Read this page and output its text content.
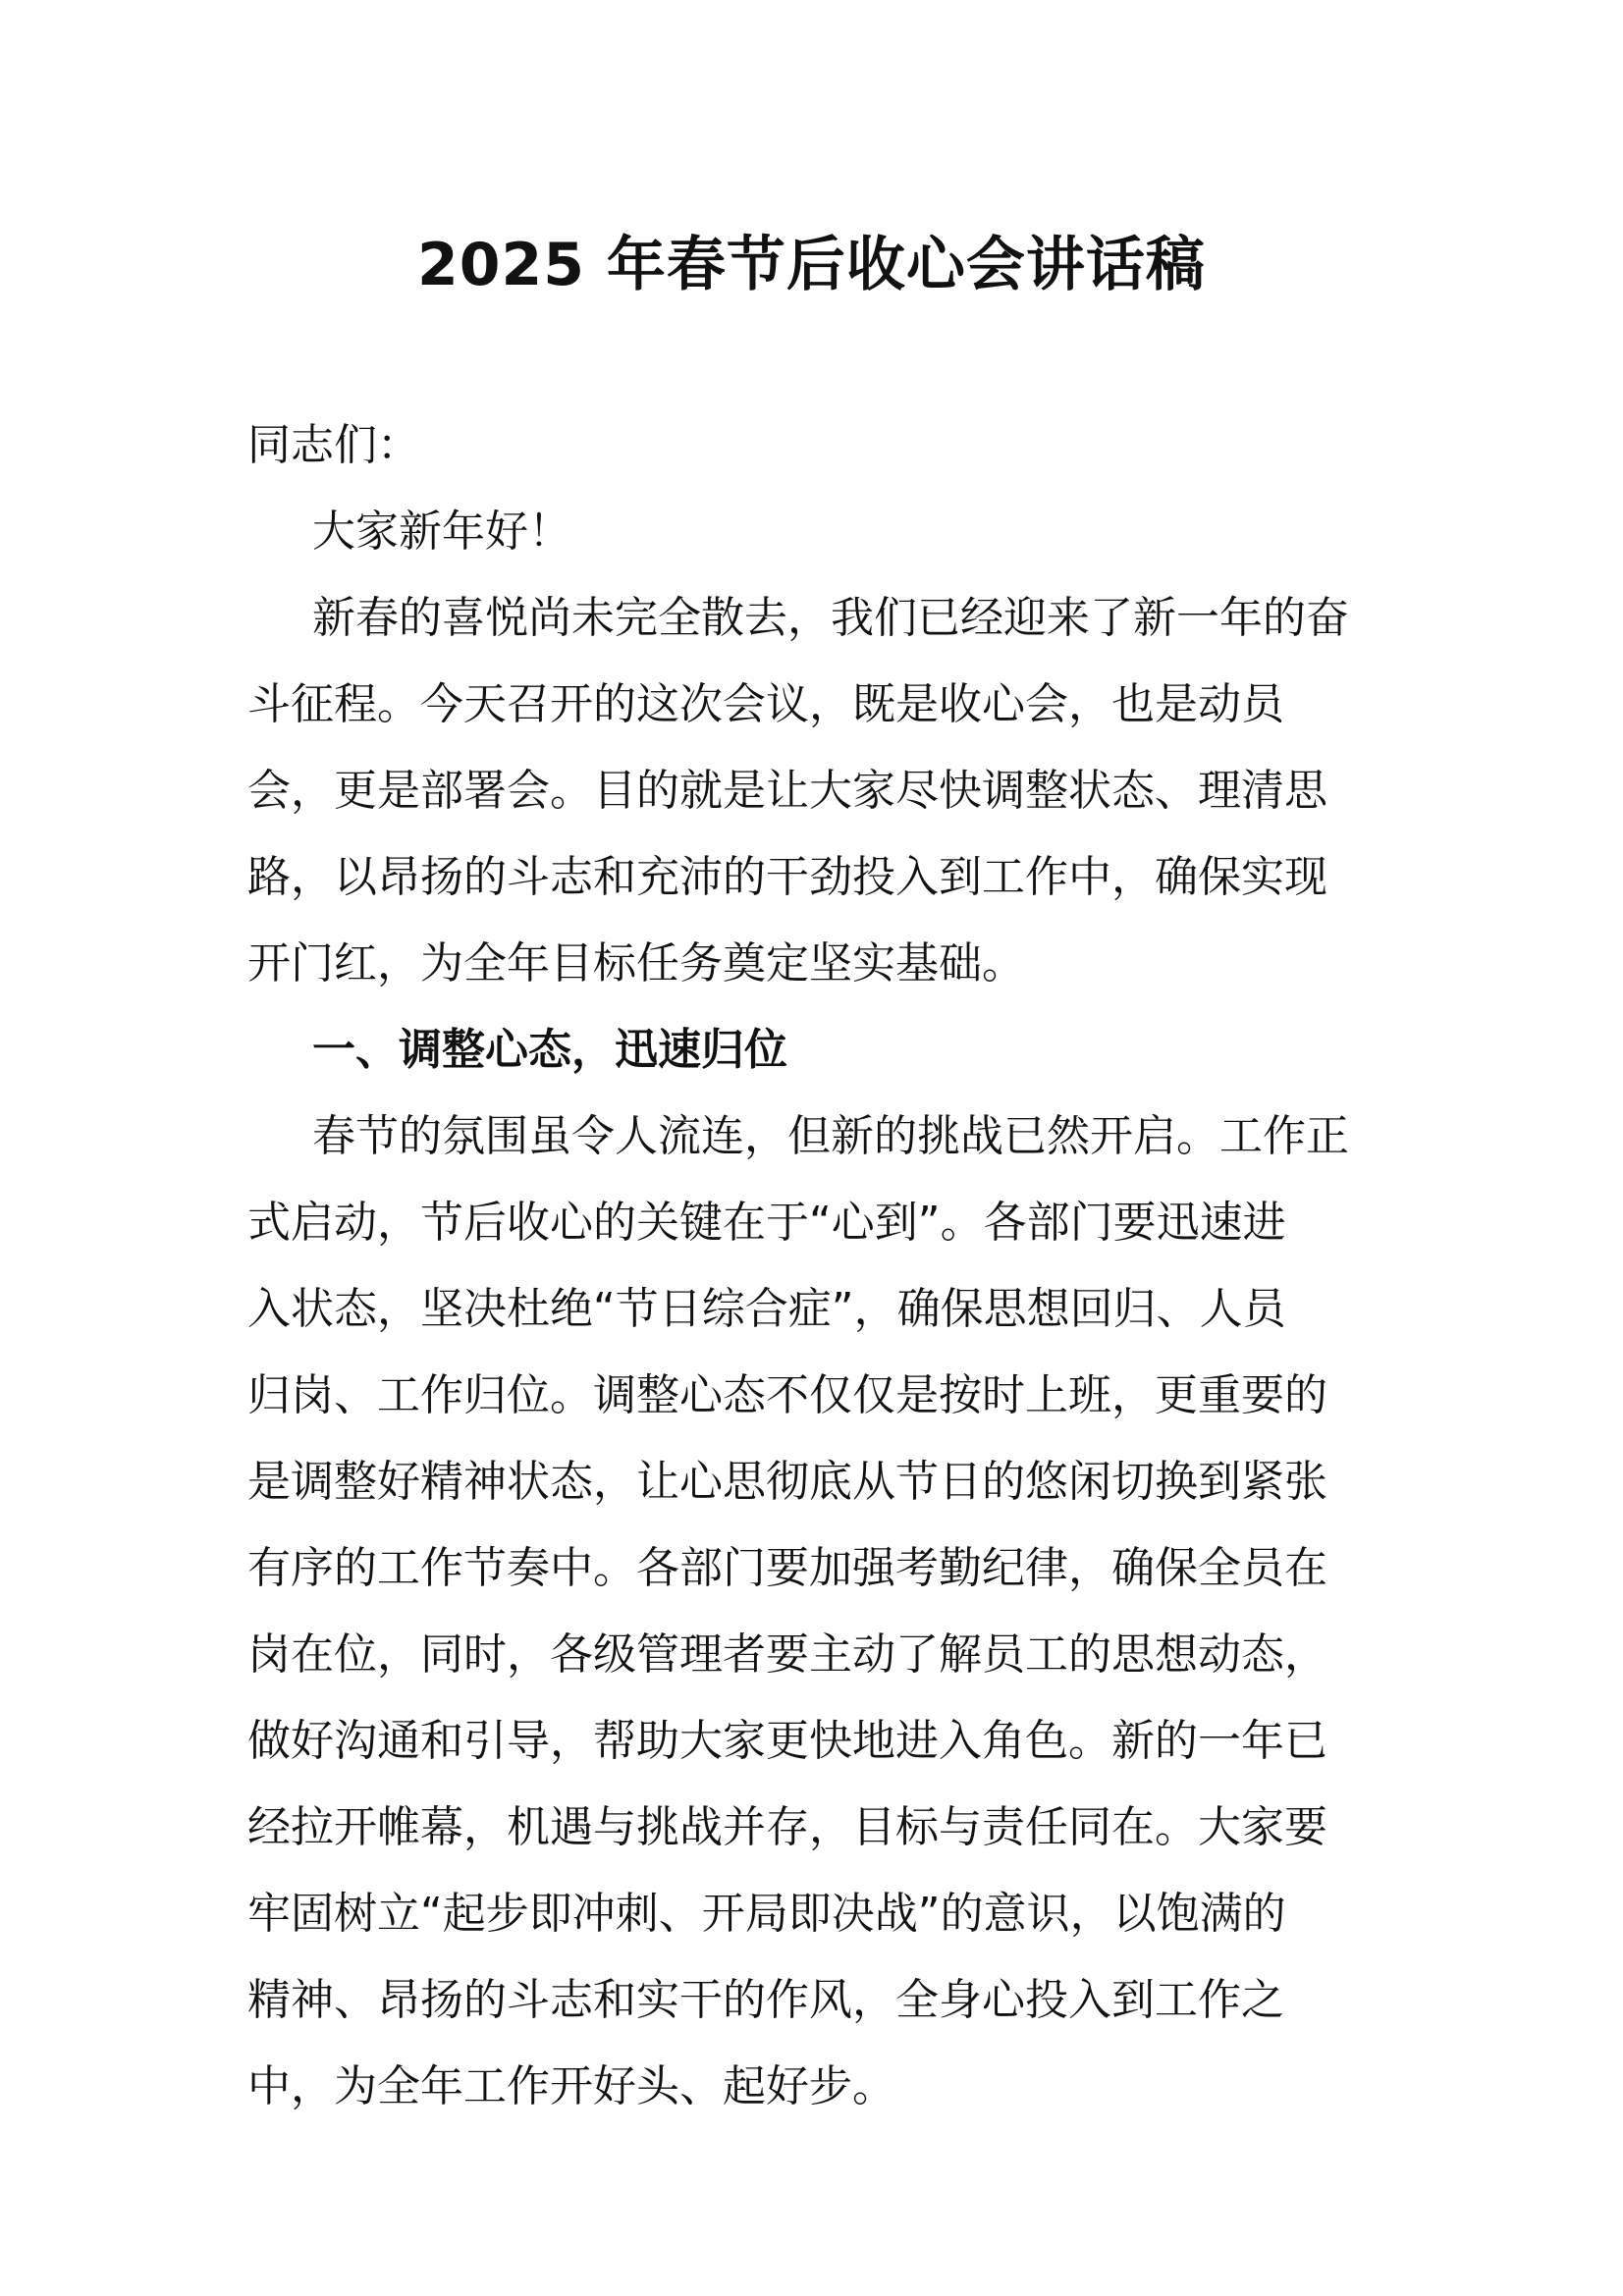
2025 年春节后收心会讲话稿
同志们：
大家新年好！
新春的喜悦尚未完全散去，我们已经迎来了新一年的奋
斗征程。今天召开的这次会议，既是收心会，也是动员
会，更是部署会。目的就是让大家尽快调整状态、理清思
路，以昂扬的斗志和充沛的干劲投入到工作中，确保实现
开门红，为全年目标任务奠定坚实基础。
一、调整心态，迅速归位
春节的氛围虽令人流连，但新的挑战已然开启。工作正
式启动，节后收心的关键在于“心到”。各部门要迅速进
入状态，坚决杜绝“节日综合症”，确保思想回归、人员
归岗、工作归位。调整心态不仅仅是按时上班，更重要的
是调整好精神状态，让心思彻底从节日的悠闲切换到紧张
有序的工作节奏中。各部门要加强考勤纪律，确保全员在
岗在位，同时，各级管理者要主动了解员工的思想动态，
做好沟通和引导，帮助大家更快地进入角色。新的一年已
经拉开帷幕，机遇与挑战并存，目标与责任同在。大家要
牢固树立“起步即冲刺、开局即决战”的意识，以饱满的
精神、昂扬的斗志和实干的作风，全身心投入到工作之
中，为全年工作开好头、起好步。
